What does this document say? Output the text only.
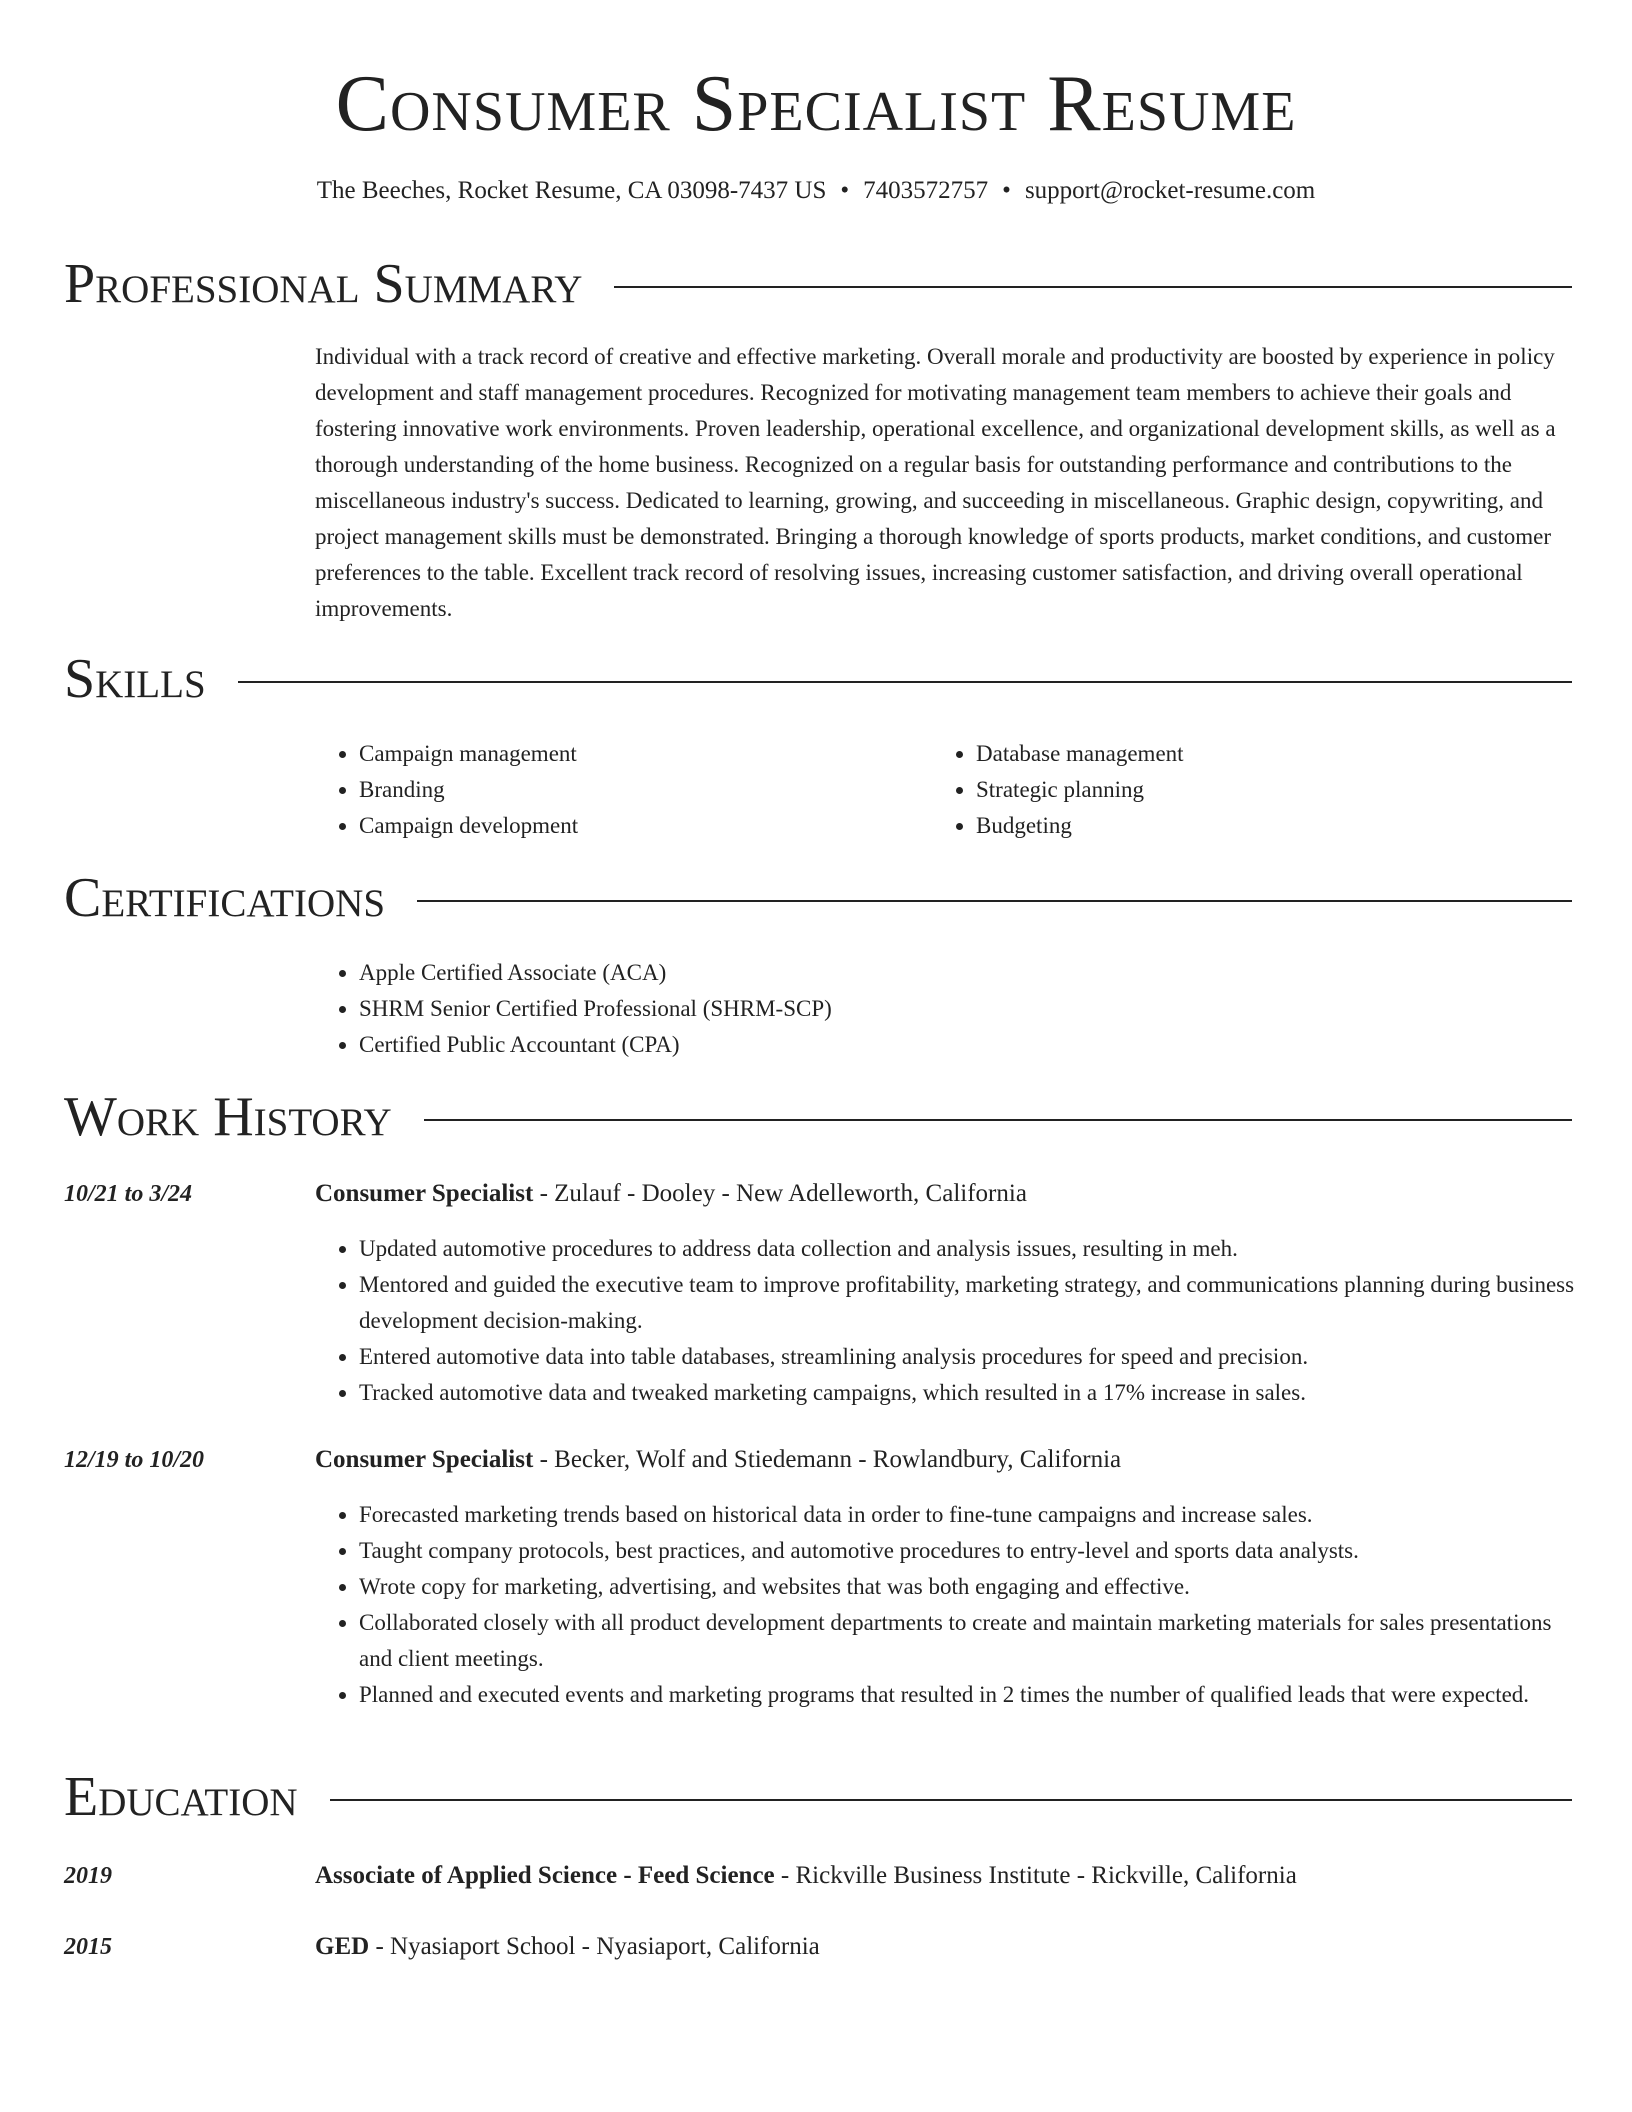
Consumer Specialist Resume
The Beeches, Rocket Resume, CA 03098-7437 US • 7403572757 • support@rocket-resume.com
Professional Summary

Individual with a track record of creative and effective marketing. Overall morale and productivity are boosted by experience in policy development and staff management procedures. Recognized for motivating management team members to achieve their goals and fostering innovative work environments. Proven leadership, operational excellence, and organizational development skills, as well as a thorough understanding of the home business. Recognized on a regular basis for outstanding performance and contributions to the miscellaneous industry's success. Dedicated to learning, growing, and succeeding in miscellaneous. Graphic design, copywriting, and project management skills must be demonstrated. Bringing a thorough knowledge of sports products, market conditions, and customer preferences to the table. Excellent track record of resolving issues, increasing customer satisfaction, and driving overall operational improvements.

Skills
• Campaign management
• Branding
• Campaign development
• Database management
• Strategic planning
• Budgeting
Certifications
• Apple Certified Associate (ACA)
• SHRM Senior Certified Professional (SHRM-SCP)
• Certified Public Accountant (CPA)
Work History
10/21 to 3/24	Consumer Specialist - Zulauf - Dooley - New Adelleworth, California
• Updated automotive procedures to address data collection and analysis issues, resulting in meh.
• Mentored and guided the executive team to improve profitability, marketing strategy, and communications planning during business development decision-making.
• Entered automotive data into table databases, streamlining analysis procedures for speed and precision.
• Tracked automotive data and tweaked marketing campaigns, which resulted in a 17% increase in sales.
12/19 to 10/20	Consumer Specialist - Becker, Wolf and Stiedemann - Rowlandbury, California
• Forecasted marketing trends based on historical data in order to fine-tune campaigns and increase sales.
• Taught company protocols, best practices, and automotive procedures to entry-level and sports data analysts.
• Wrote copy for marketing, advertising, and websites that was both engaging and effective.
• Collaborated closely with all product development departments to create and maintain marketing materials for sales presentations and client meetings.
• Planned and executed events and marketing programs that resulted in 2 times the number of qualified leads that were expected.
Education
2019	Associate of Applied Science - Feed Science - Rickville Business Institute - Rickville, California
2015	GED - Nyasiaport School - Nyasiaport, California
